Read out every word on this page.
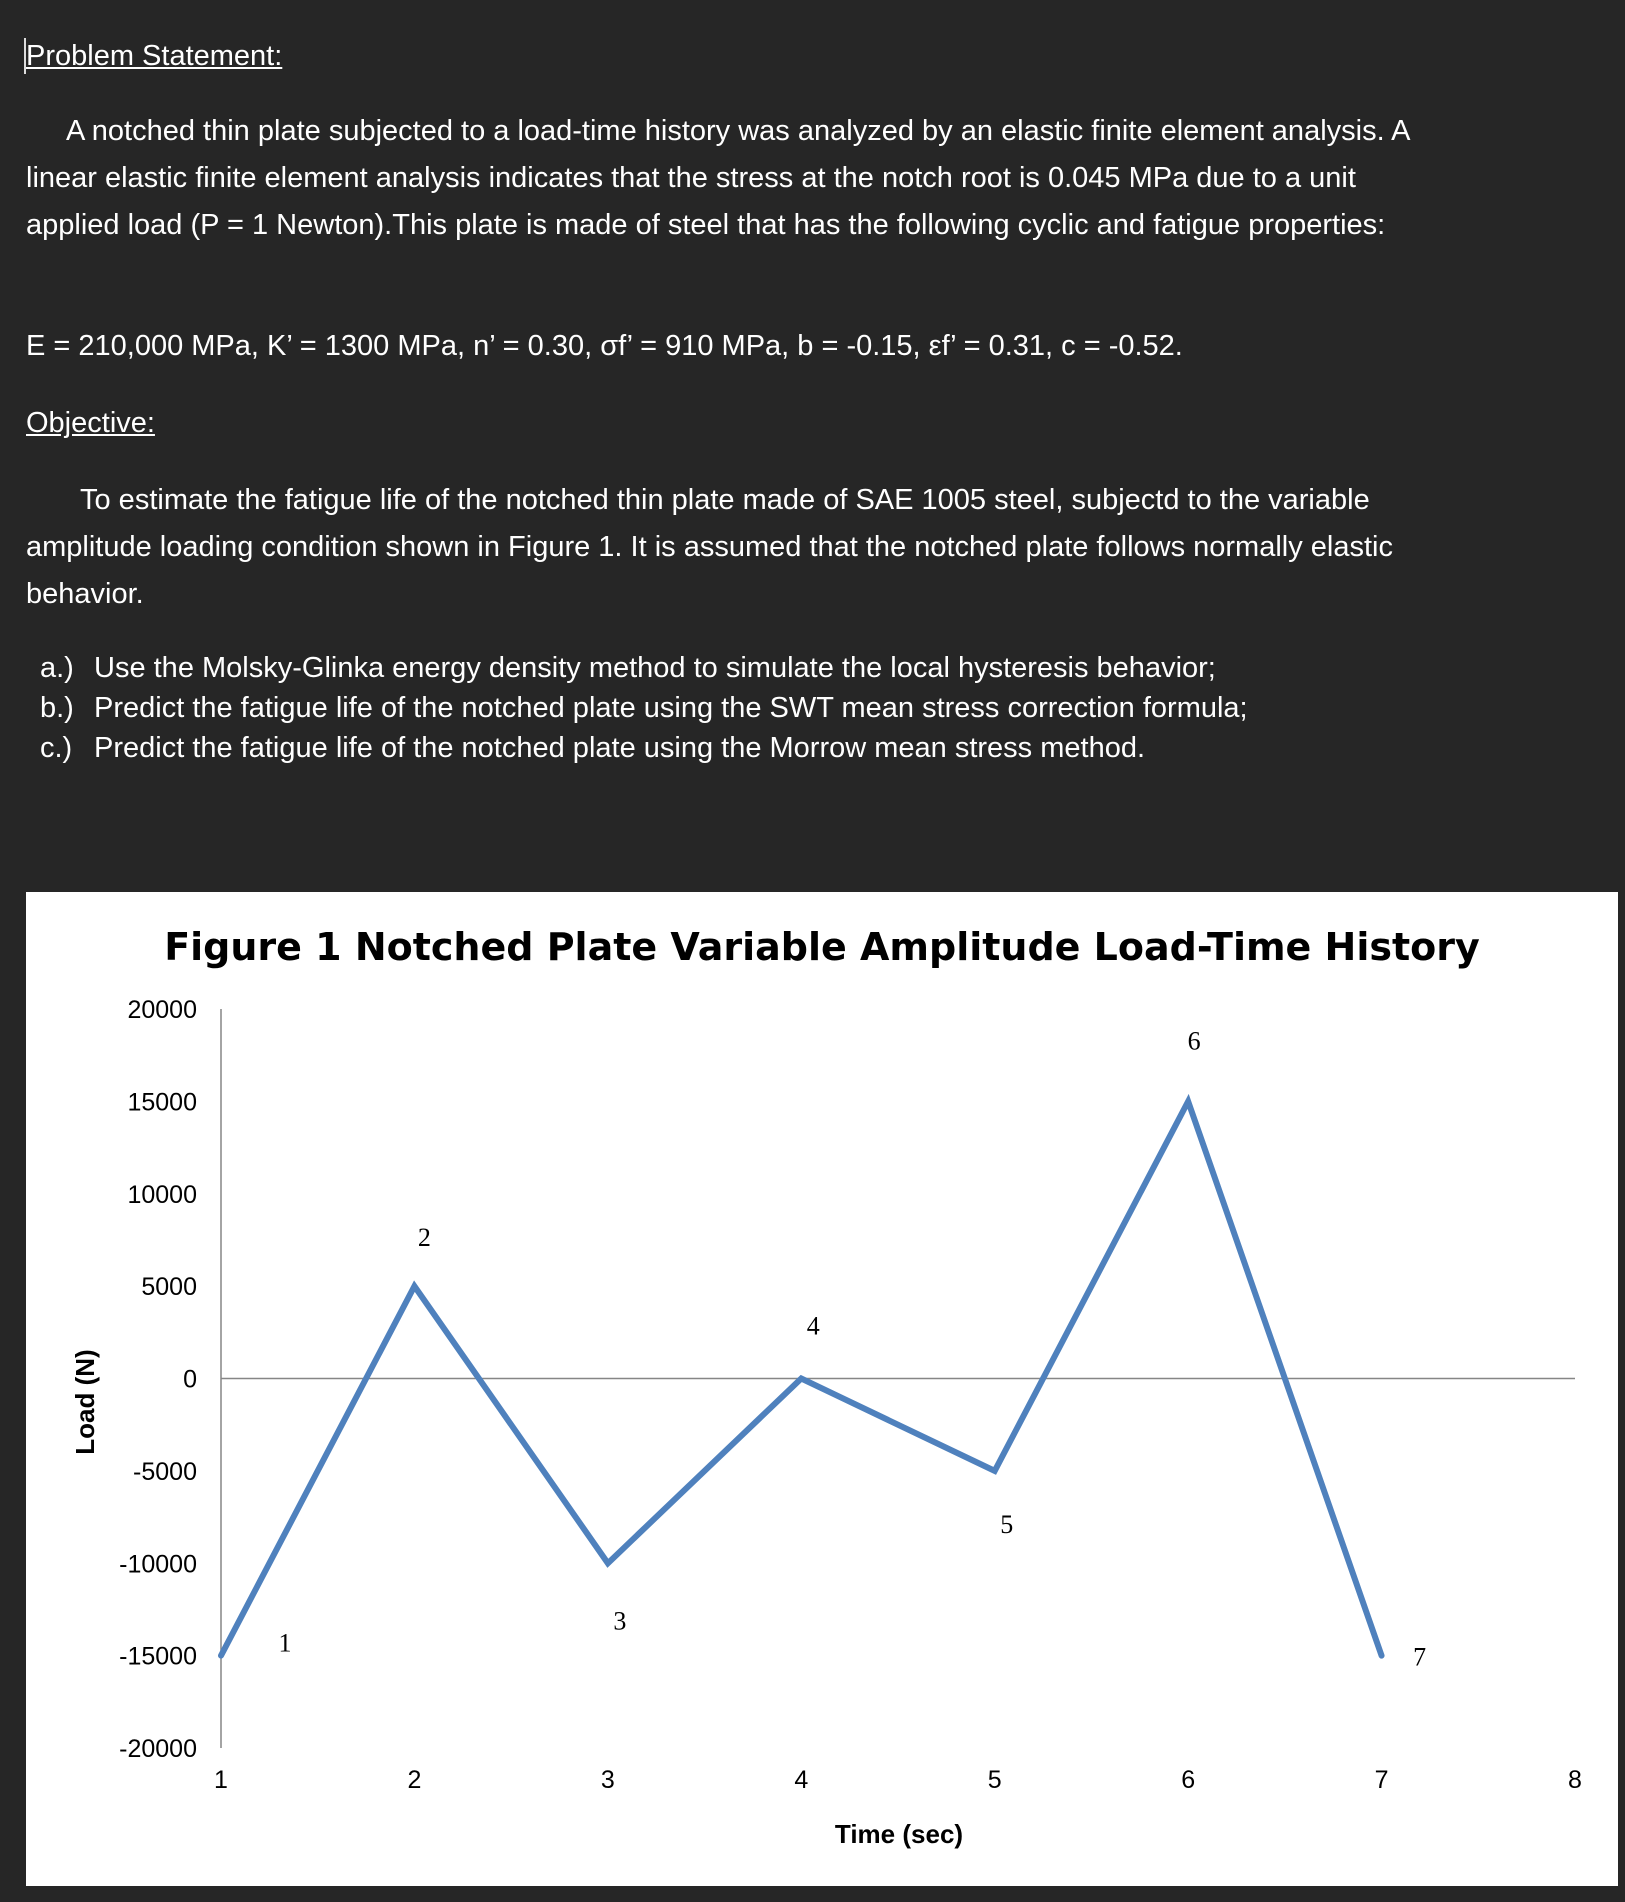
Problem Statement:
A notched thin plate subjected to a load-time history was analyzed by an elastic finite element analysis. A linear elastic finite element analysis indicates that the stress at the notch root is 0.045 MPa due to a unit applied load (P = 1 Newton).This plate is made of steel that has the following cyclic and fatigue properties:
E = 210,000 MPa, K’ = 1300 MPa, n’ = 0.30, σf’ = 910 MPa, b = -0.15, εf’ = 0.31, c = -0.52.
Objective:
To estimate the fatigue life of the notched thin plate made of SAE 1005 steel, subjectd to the variable amplitude loading condition shown in Figure 1. It is assumed that the notched plate follows normally elastic behavior.
a.) Use the Molsky-Glinka energy density method to simulate the local hysteresis behavior;
b.) Predict the fatigue life of the notched plate using the SWT mean stress correction formula;
c.) Predict the fatigue life of the notched plate using the Morrow mean stress method.
Figure 1 Notched Plate Variable Amplitude Load-Time History
Load (N)
Time (sec)
20000
15000
10000
5000
0
-5000
-10000
-15000
-20000
1	2	3	4	5	6	7	8
1
2
3
4
5
6
7
